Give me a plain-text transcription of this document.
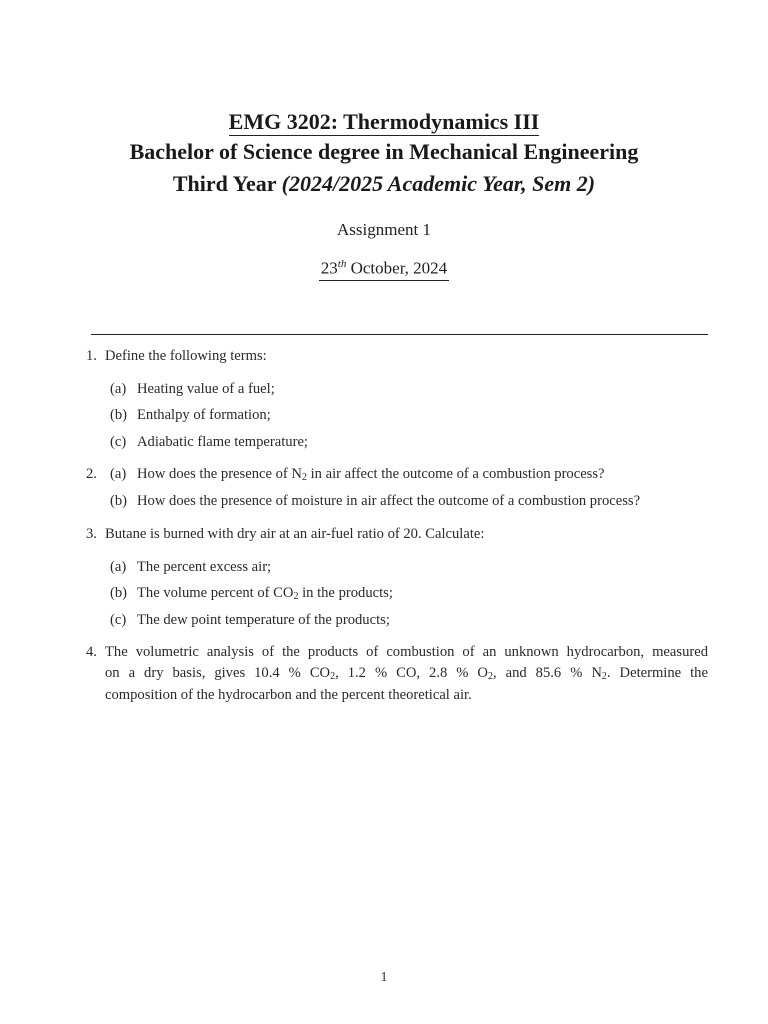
EMG 3202: Thermodynamics III
Bachelor of Science degree in Mechanical Engineering
Third Year (2024/2025 Academic Year, Sem 2)
Assignment 1
23th October, 2024
1. Define the following terms:
(a) Heating value of a fuel;
(b) Enthalpy of formation;
(c) Adiabatic flame temperature;
2. (a) How does the presence of $N_2$ in air affect the outcome of a combustion process?
(b) How does the presence of moisture in air affect the outcome of a combustion process?
3. Butane is burned with dry air at an air-fuel ratio of 20. Calculate:
(a) The percent excess air;
(b) The volume percent of $CO_2$ in the products;
(c) The dew point temperature of the products;
4. The volumetric analysis of the products of combustion of an unknown hydrocarbon, measured
on a dry basis, gives 10.4 % $CO_2$, 1.2 % CO, 2.8 % $O_2$, and 85.6 % $N_2$. Determine the
composition of the hydrocarbon and the percent theoretical air.
1
